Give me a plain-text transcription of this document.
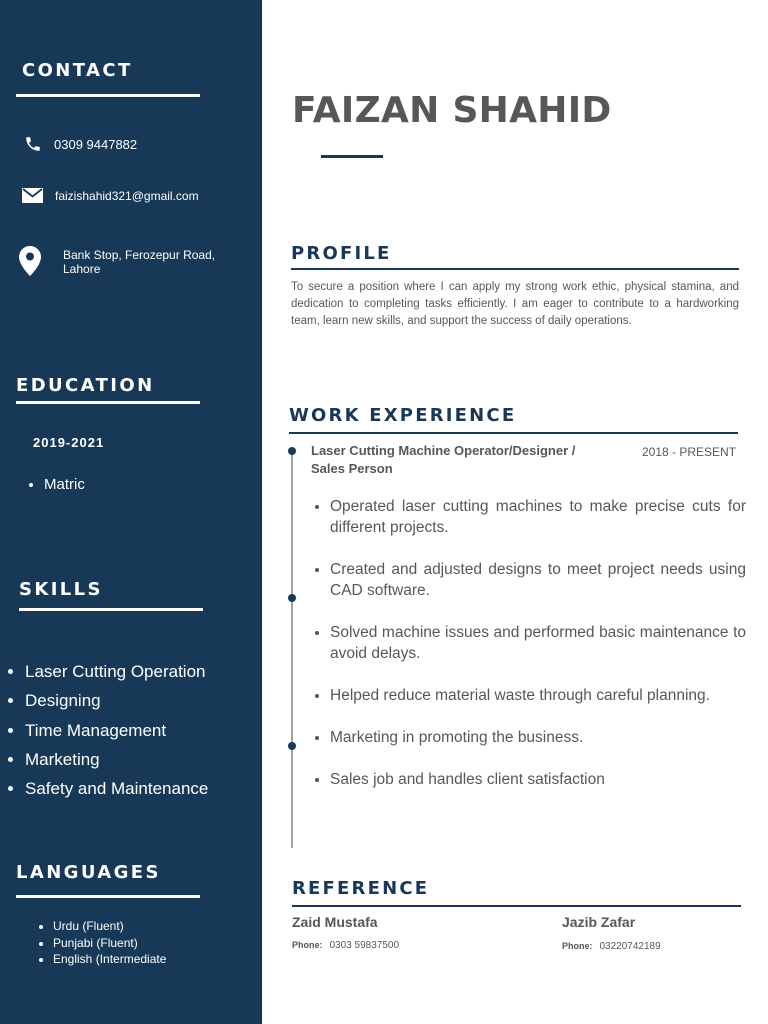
CONTACT
0309 9447882
faizishahid321@gmail.com
Bank Stop, Ferozepur Road,
Lahore
EDUCATION
2019-2021
• Matric
SKILLS
• Laser Cutting Operation
• Designing
• Time Management
• Marketing
• Safety and Maintenance
LANGUAGES
• Urdu (Fluent)
• Punjabi (Fluent)
• English (Intermediate
FAIZAN SHAHID
PROFILE
To secure a position where I can apply my strong work ethic, physical stamina, and dedication to completing tasks efficiently. I am eager to contribute to a hardworking team, learn new skills, and support the success of daily operations.
WORK EXPERIENCE
Laser Cutting Machine Operator/Designer / Sales Person
2018 - PRESENT
• Operated laser cutting machines to make precise cuts for different projects.
• Created and adjusted designs to meet project needs using CAD software.
• Solved machine issues and performed basic maintenance to avoid delays.
• Helped reduce material waste through careful planning.
• Marketing in promoting the business.
• Sales job and handles client satisfaction
REFERENCE
Zaid Mustafa
Phone: 0303 59837500
Jazib Zafar
Phone: 03220742189
